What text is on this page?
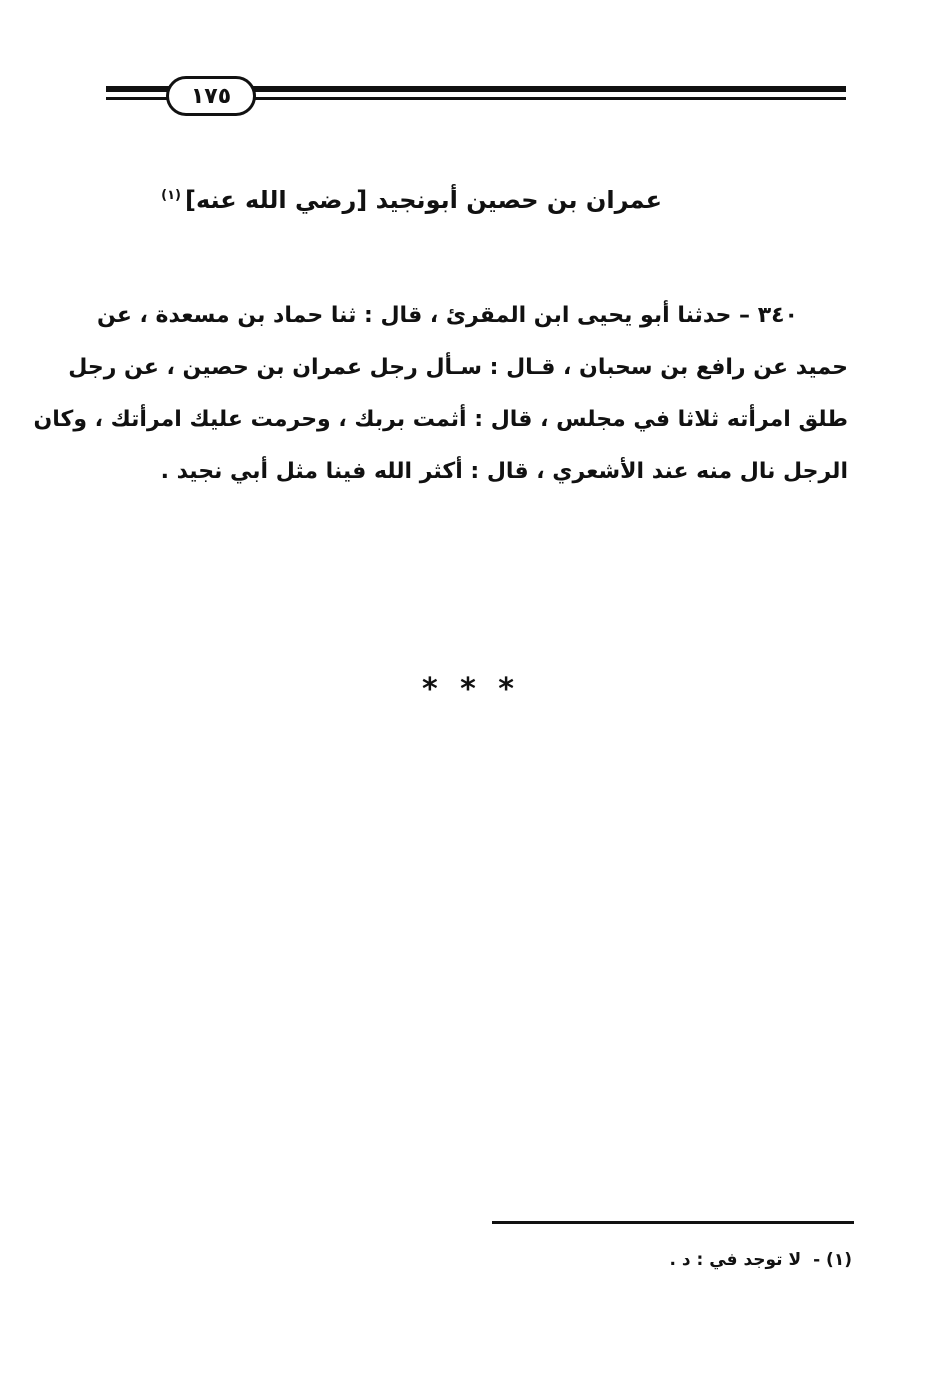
١٧٥
عمران بن حصين أبونجيد [رضي الله عنه]$^{(١)}$
٣٤٠ – حدثنا أبو يحيى ابن المقرئ ، قال : ثنا حماد بن مسعدة ، عن
حميد عن رافع بن سحبان ، قـال : سـأل رجل عمران بن حصين ، عن رجل
طلق امرأته ثلاثا في مجلس ، قال : أثمت بربك ، وحرمت عليك امرأتك ، وكان
الرجل نال منه عند الأشعري ، قال : أكثر الله فينا مثل أبي نجيد .
* * *
(١) - لا توجد في : د .
